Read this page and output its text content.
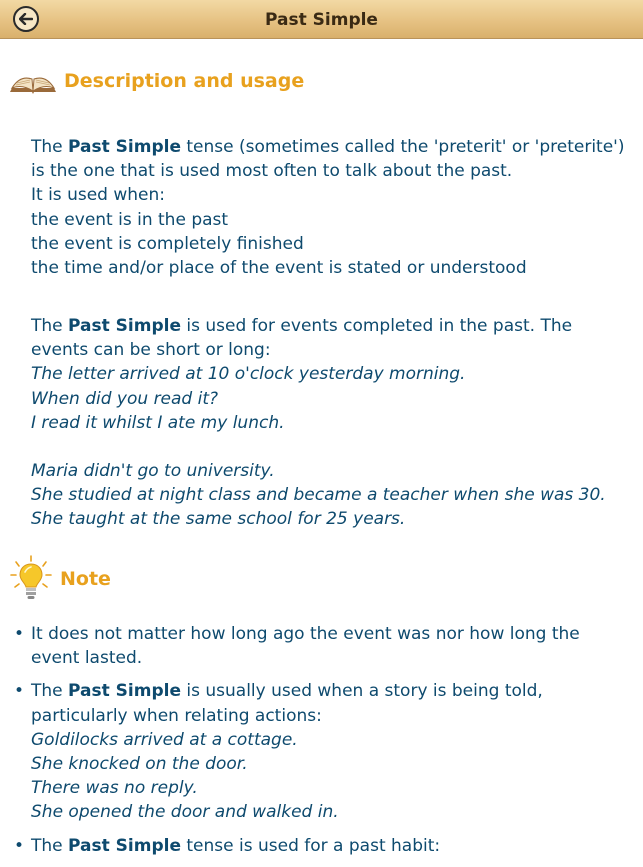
Past Simple
Description and usage

The Past Simple tense (sometimes called the 'preterit' or 'preterite') is the one that is used most often to talk about the past.

It is used when:

the event is in the past

the event is completely finished

the time and/or place of the event is stated or understood

The Past Simple is used for events completed in the past. The events can be short or long:

The letter arrived at 10 o'clock yesterday morning.

When did you read it?

I read it whilst I ate my lunch.

Maria didn't go to university.

She studied at night class and became a teacher when she was 30.

She taught at the same school for 25 years.

Note
• It does not matter how long ago the event was nor how long the event lasted.

• The Past Simple is usually used when a story is being told, particularly when relating actions:

Goldilocks arrived at a cottage.

She knocked on the door.

There was no reply.

She opened the door and walked in.

• The Past Simple tense is used for a past habit:
